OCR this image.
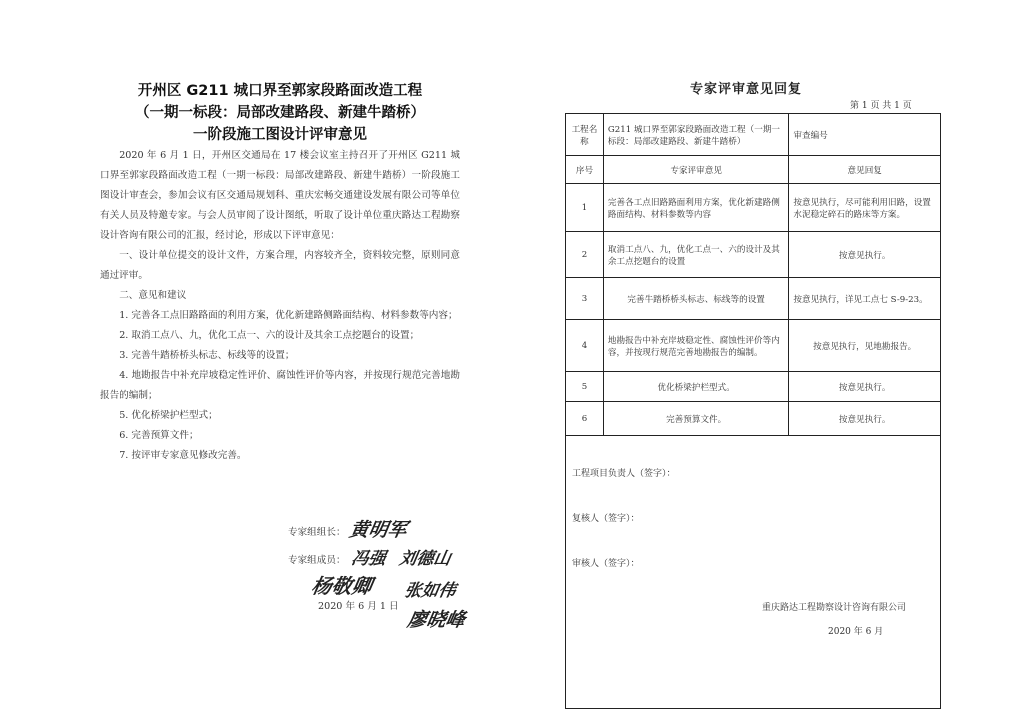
开州区 G211 城口界至郭家段路面改造工程
（一期一标段：局部改建路段、新建牛踏桥）
一阶段施工图设计评审意见
2020 年 6 月 1 日，开州区交通局在 17 楼会议室主持召开了开州区 G211 城口界至郭家段路面改造工程（一期一标段：局部改建路段、新建牛踏桥）一阶段施工图设计审查会，参加会议有区交通局规划科、重庆宏畅交通建设发展有限公司等单位有关人员及特邀专家。与会人员审阅了设计图纸，听取了设计单位重庆路达工程勘察设计咨询有限公司的汇报，经讨论，形成以下评审意见：
一、设计单位提交的设计文件，方案合理，内容较齐全，资料较完整，原则同意通过评审。
二、意见和建议
1. 完善各工点旧路路面的利用方案，优化新建路侧路面结构、材料参数等内容；
2. 取消工点八、九，优化工点一、六的设计及其余工点挖题台的设置；
3. 完善牛踏桥桥头标志、标线等的设置；
4. 地勘报告中补充岸坡稳定性评价、腐蚀性评价等内容，并按现行规范完善地勘报告的编制；
5. 优化桥梁护栏型式；
6. 完善预算文件；
7. 按评审专家意见修改完善。
专家组组长：
专家组成员：
2020 年 6 月 1 日
黄明军
冯强 刘德山
杨敬卿 张如伟
廖晓峰
专家评审意见回复
第 1 页 共 1 页
工程名称	G211 城口界至郭家段路面改造工程（一期一标段：局部改建路段、新建牛踏桥）	审查编号
序号	专家评审意见	意见回复
1	完善各工点旧路路面利用方案，优化新建路侧路面结构、材料参数等内容	按意见执行，尽可能利用旧路，设置水泥稳定碎石的路床等方案。
2	取消工点八、九，优化工点一、六的设计及其余工点挖题台的设置	按意见执行。
3	完善牛踏桥桥头标志、标线等的设置	按意见执行，详见工点七 S-9-23。
4	地勘报告中补充岸坡稳定性、腐蚀性评价等内容，并按现行规范完善地勘报告的编制。	按意见执行，见地勘报告。
5	优化桥梁护栏型式。	按意见执行。
6	完善预算文件。	按意见执行。

工程项目负责人（签字）：
复核人（签字）：
审核人（签字）：
重庆路达工程勘察设计咨询有限公司
2020 年 6 月		
